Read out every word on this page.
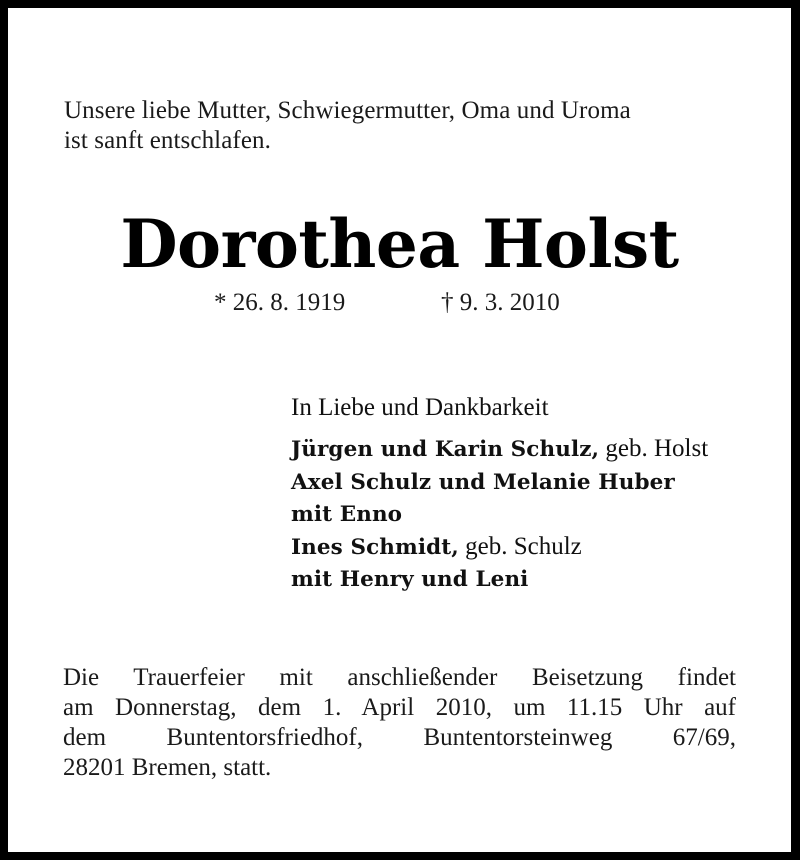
Unsere liebe Mutter, Schwiegermutter, Oma und Uroma
ist sanft entschlafen.
Dorothea Holst
* 26. 8. 1919	† 9. 3. 2010
In Liebe und Dankbarkeit
Jürgen und Karin Schulz, geb. Holst
Axel Schulz und Melanie Huber
mit Enno
Ines Schmidt, geb. Schulz
mit Henry und Leni
Die Trauerfeier mit anschließender Beisetzung findet
am Donnerstag, dem 1. April 2010, um 11.15 Uhr auf
dem Buntentorsfriedhof, Buntentorsteinweg 67/69,
28201 Bremen, statt.
